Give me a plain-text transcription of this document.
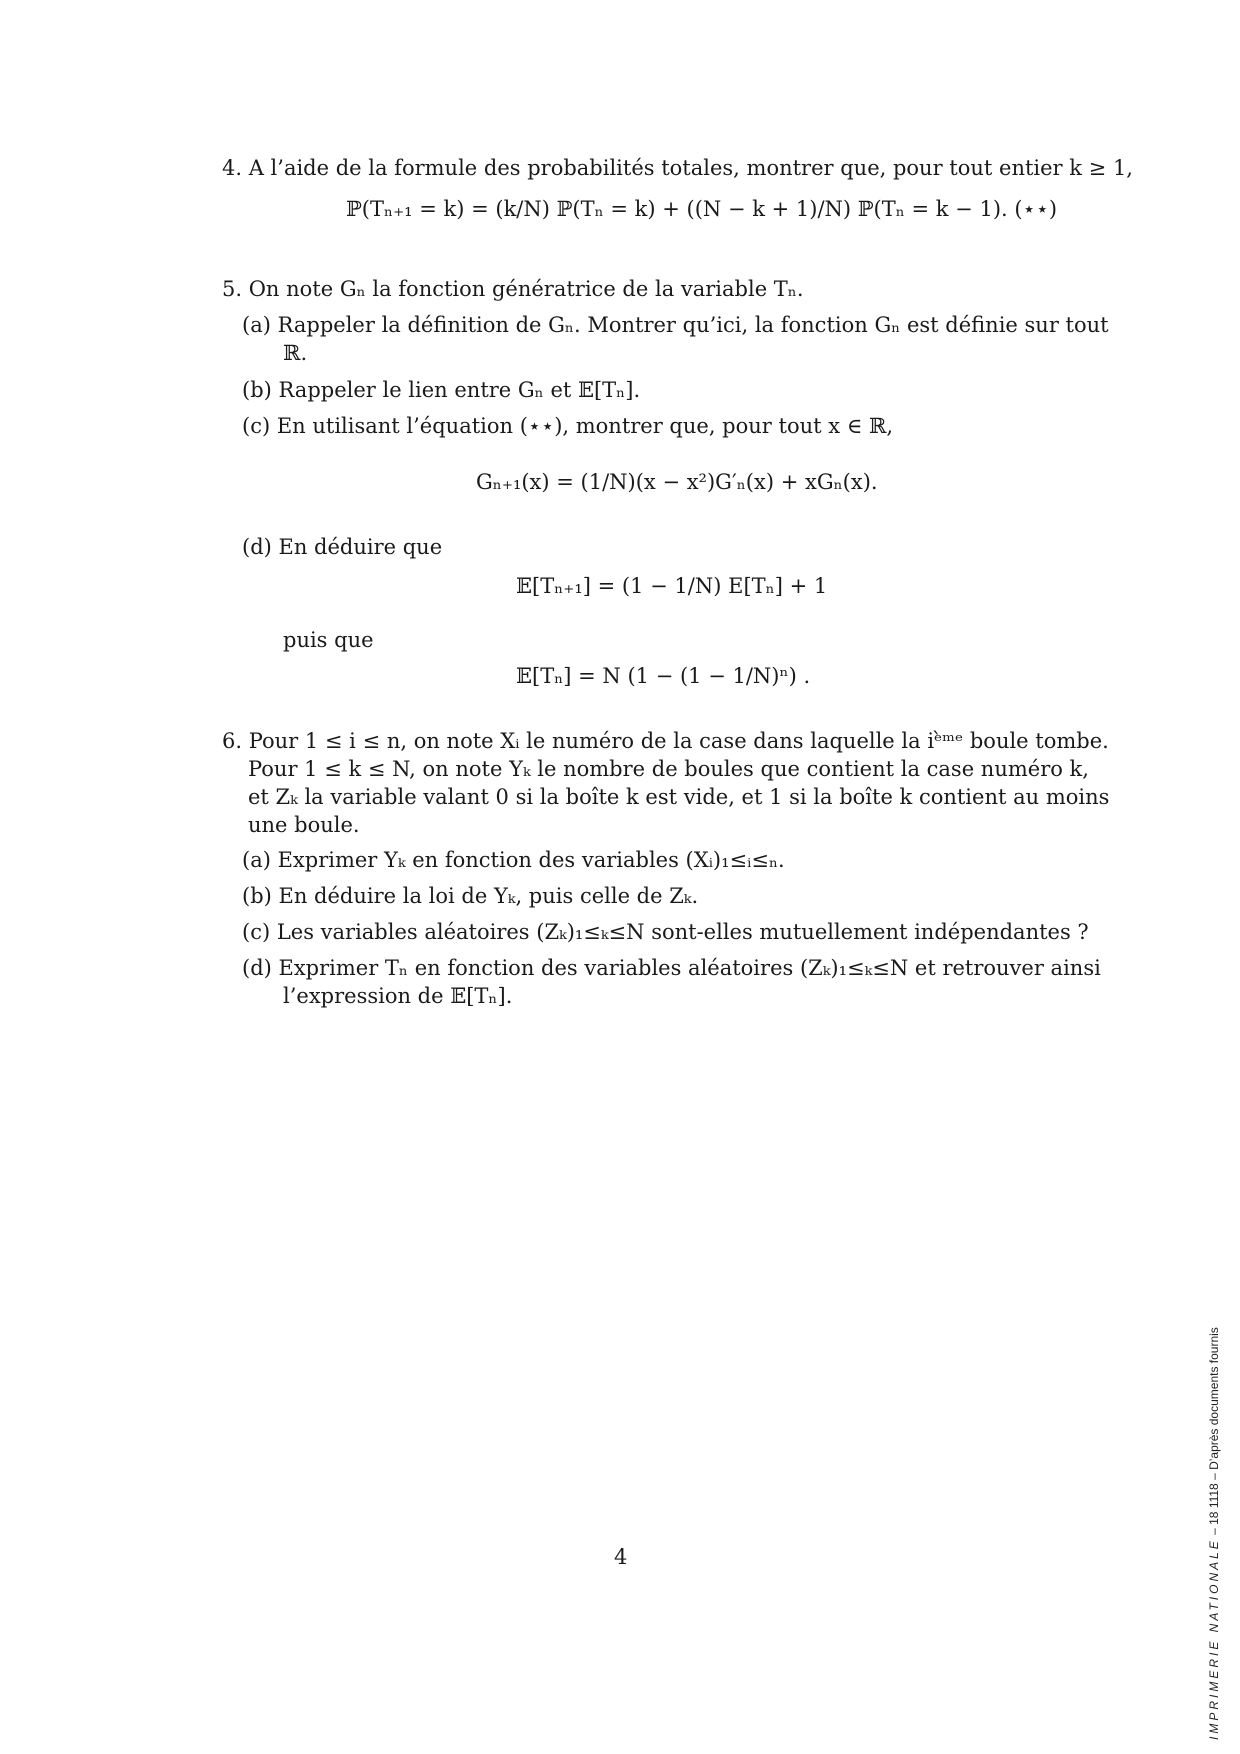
4. A l’aide de la formule des probabilités totales, montrer que, pour tout entier k ≥ 1,
ℙ(Tₙ₊₁ = k) = (k/N) ℙ(Tₙ = k) + ((N − k + 1)/N) ℙ(Tₙ = k − 1). (⋆⋆)
5. On note Gₙ la fonction génératrice de la variable Tₙ.
(a) Rappeler la définition de Gₙ. Montrer qu’ici, la fonction Gₙ est définie sur tout
ℝ.
(b) Rappeler le lien entre Gₙ et 𝔼[Tₙ].
(c) En utilisant l’équation (⋆⋆), montrer que, pour tout x ∈ ℝ,
Gₙ₊₁(x) = (1/N)(x − x²)G′ₙ(x) + xGₙ(x).
(d) En déduire que
𝔼[Tₙ₊₁] = (1 − 1/N) E[Tₙ] + 1
puis que
𝔼[Tₙ] = N (1 − (1 − 1/N)ⁿ) .
6. Pour 1 ≤ i ≤ n, on note Xᵢ le numéro de la case dans laquelle la iᵉ̀ᵐᵉ boule tombe.
Pour 1 ≤ k ≤ N, on note Yₖ le nombre de boules que contient la case numéro k,
et Zₖ la variable valant 0 si la boîte k est vide, et 1 si la boîte k contient au moins
une boule.
(a) Exprimer Yₖ en fonction des variables (Xᵢ)₁≤ᵢ≤ₙ.
(b) En déduire la loi de Yₖ, puis celle de Zₖ.
(c) Les variables aléatoires (Zₖ)₁≤ₖ≤N sont-elles mutuellement indépendantes ?
(d) Exprimer Tₙ en fonction des variables aléatoires (Zₖ)₁≤ₖ≤N et retrouver ainsi
l’expression de 𝔼[Tₙ].
4	IMPRIMERIE NATIONALE – 18 1118 – D’après documents fournis
